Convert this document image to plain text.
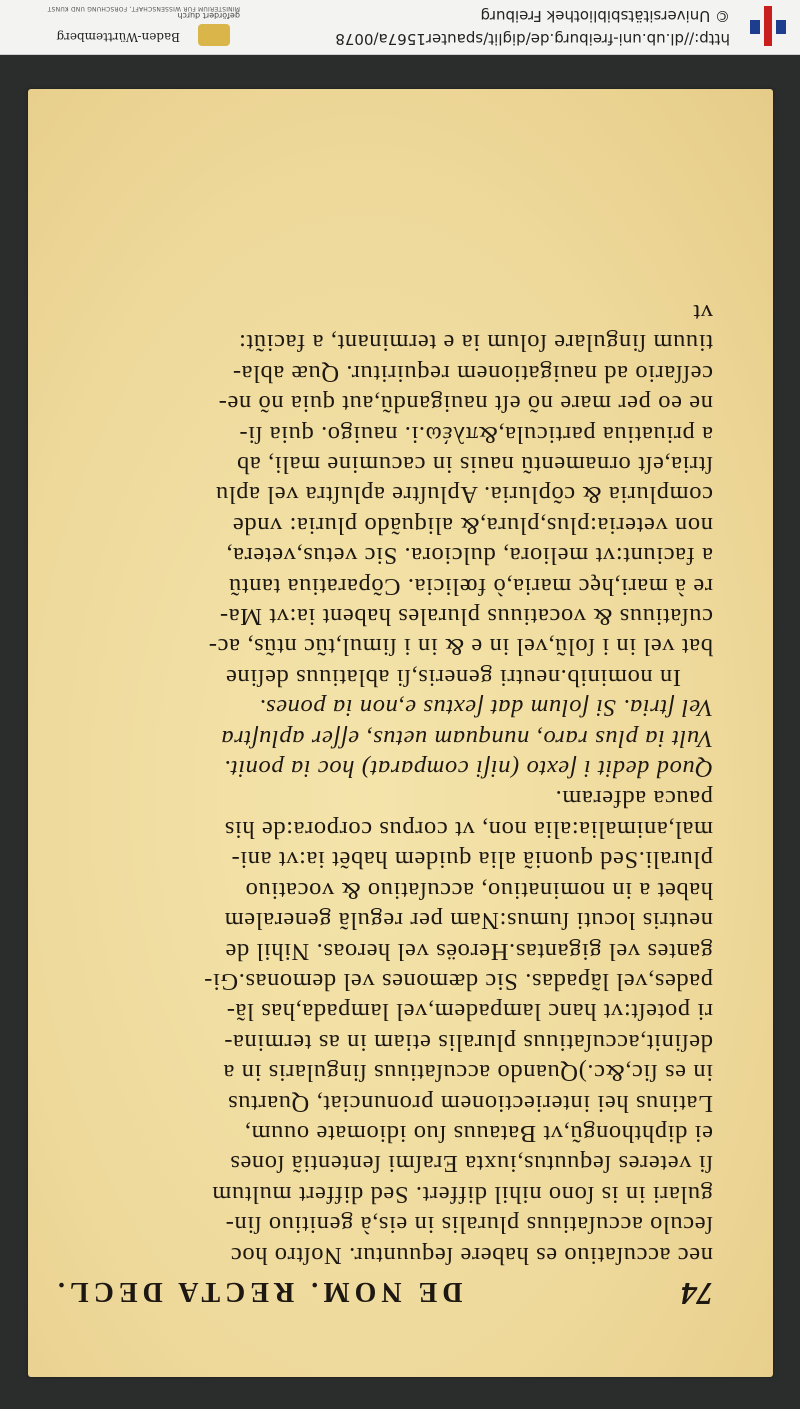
74
DE NOM. RECTA DECL.
nec accuſatiuo es habere ſequuntur. Noſtro hoc
ſeculo accuſatiuus pluralis in eis,à genitiuo ſin-
gulari in is ſono nihil differt. Sed differt multum
ſi veteres ſequutus,iuxta Eraſmi ſententiã ſones
ei diphthongũ,vt Batauus ſuo idiomate ouum,
Latinus hei interiectionem pronunciat, Quartus
in es ſic,&c.)Quando accuſatiuus ſingularis in a
deſinit,accuſatiuus pluralis etiam in as termina-
ri poteſt:vt hanc lampadem,vel lampada,has lã-
pades,vel lãpadas. Sic dæmones vel demonas.Gi-
gantes vel gigantas.Heroës vel heroas. Nihil de
neutris locuti ſumus:Nam per regulã generalem
habet a in nominatiuo, accuſatiuo & vocatiuo
plurali.Sed quoniã alia quidem habẽt ia:vt ani-
mal,animalia:alia non, vt corpus corpora:de his
pauca adferam.
Quod dedit i ſexto (niſi comparat) hoc ia ponit.
Vult ia plus raro, nunquam uetus, eſſer apluſtra
Vel ſtria. Si ſolum dat ſextus e,non ia pones.
In nominib.neutri generis,ſi ablatiuus deſine
bat vel in i ſolũ,vel in e & in i ſimul,tũc ntũs, ac-
cuſatiuus & vocatiuus plurales habent ia:vt Ma-
re à mari,hęc maria,ò fœlicia. Cõparatiua tantũ
a faciunt:vt meliora, dulciora. Sic vetus,vetera,
non veteria:plus,plura,& aliquãdo pluria: vnde
compluria & cõpluria. Apluſtre apluſtra vel aplu
ſtria,eſt ornamentũ nauis in cacumine mali, ab
a priuatiua particula,&πλέω.i. nauigo. quia ſi-
ne eo per mare nõ eſt nauigandũ,aut quia nõ ne-
ceſſario ad nauigationem requiritur. Quæ abla-
tiuum ſingulare ſolum ia e terminant, a faciũt:
vt
http://dl.ub.uni-freiburg.de/diglit/spauter1567a/0078
© Universitätsbibliothek Freiburg
Baden-Württemberg
gefördert durch
MINISTERIUM FÜR WISSENSCHAFT, FORSCHUNG UND KUNST
